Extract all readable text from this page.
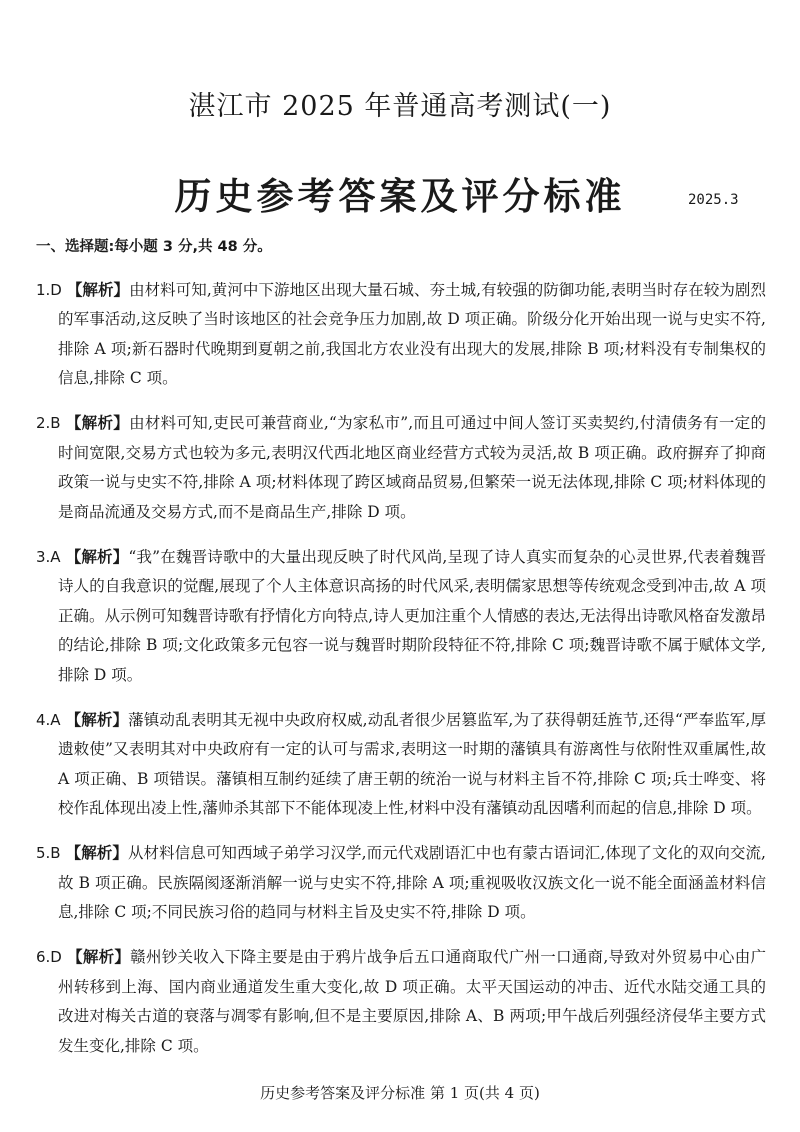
湛江市 2025 年普通高考测试(一)
历史参考答案及评分标准	2025.3
一、选择题:每小题 3 分,共 48 分。

1.D 【解析】由材料可知,黄河中下游地区出现大量石城、夯土城,有较强的防御功能,表明当时存在较为剧烈的军事活动,这反映了当时该地区的社会竞争压力加剧,故 D 项正确。阶级分化开始出现一说与史实不符,排除 A 项;新石器时代晚期到夏朝之前,我国北方农业没有出现大的发展,排除 B 项;材料没有专制集权的信息,排除 C 项。

2.B 【解析】由材料可知,吏民可兼营商业,“为家私市”,而且可通过中间人签订买卖契约,付清债务有一定的时间宽限,交易方式也较为多元,表明汉代西北地区商业经营方式较为灵活,故 B 项正确。政府摒弃了抑商政策一说与史实不符,排除 A 项;材料体现了跨区域商品贸易,但繁荣一说无法体现,排除 C 项;材料体现的是商品流通及交易方式,而不是商品生产,排除 D 项。

3.A 【解析】“我”在魏晋诗歌中的大量出现反映了时代风尚,呈现了诗人真实而复杂的心灵世界,代表着魏晋诗人的自我意识的觉醒,展现了个人主体意识高扬的时代风采,表明儒家思想等传统观念受到冲击,故 A 项正确。从示例可知魏晋诗歌有抒情化方向特点,诗人更加注重个人情感的表达,无法得出诗歌风格奋发激昂的结论,排除 B 项;文化政策多元包容一说与魏晋时期阶段特征不符,排除 C 项;魏晋诗歌不属于赋体文学,排除 D 项。

4.A 【解析】藩镇动乱表明其无视中央政府权威,动乱者很少居篡监军,为了获得朝廷旌节,还得“严奉监军,厚遗敕使”又表明其对中央政府有一定的认可与需求,表明这一时期的藩镇具有游离性与依附性双重属性,故 A 项正确、B 项错误。藩镇相互制约延续了唐王朝的统治一说与材料主旨不符,排除 C 项;兵士哗变、将校作乱体现出凌上性,藩帅杀其部下不能体现凌上性,材料中没有藩镇动乱因嗜利而起的信息,排除 D 项。

5.B 【解析】从材料信息可知西域子弟学习汉学,而元代戏剧语汇中也有蒙古语词汇,体现了文化的双向交流,故 B 项正确。民族隔阂逐渐消解一说与史实不符,排除 A 项;重视吸收汉族文化一说不能全面涵盖材料信息,排除 C 项;不同民族习俗的趋同与材料主旨及史实不符,排除 D 项。

6.D 【解析】赣州钞关收入下降主要是由于鸦片战争后五口通商取代广州一口通商,导致对外贸易中心由广州转移到上海、国内商业通道发生重大变化,故 D 项正确。太平天国运动的冲击、近代水陆交通工具的改进对梅关古道的衰落与凋零有影响,但不是主要原因,排除 A、B 两项;甲午战后列强经济侵华主要方式发生变化,排除 C 项。

历史参考答案及评分标准 第 1 页(共 4 页)
